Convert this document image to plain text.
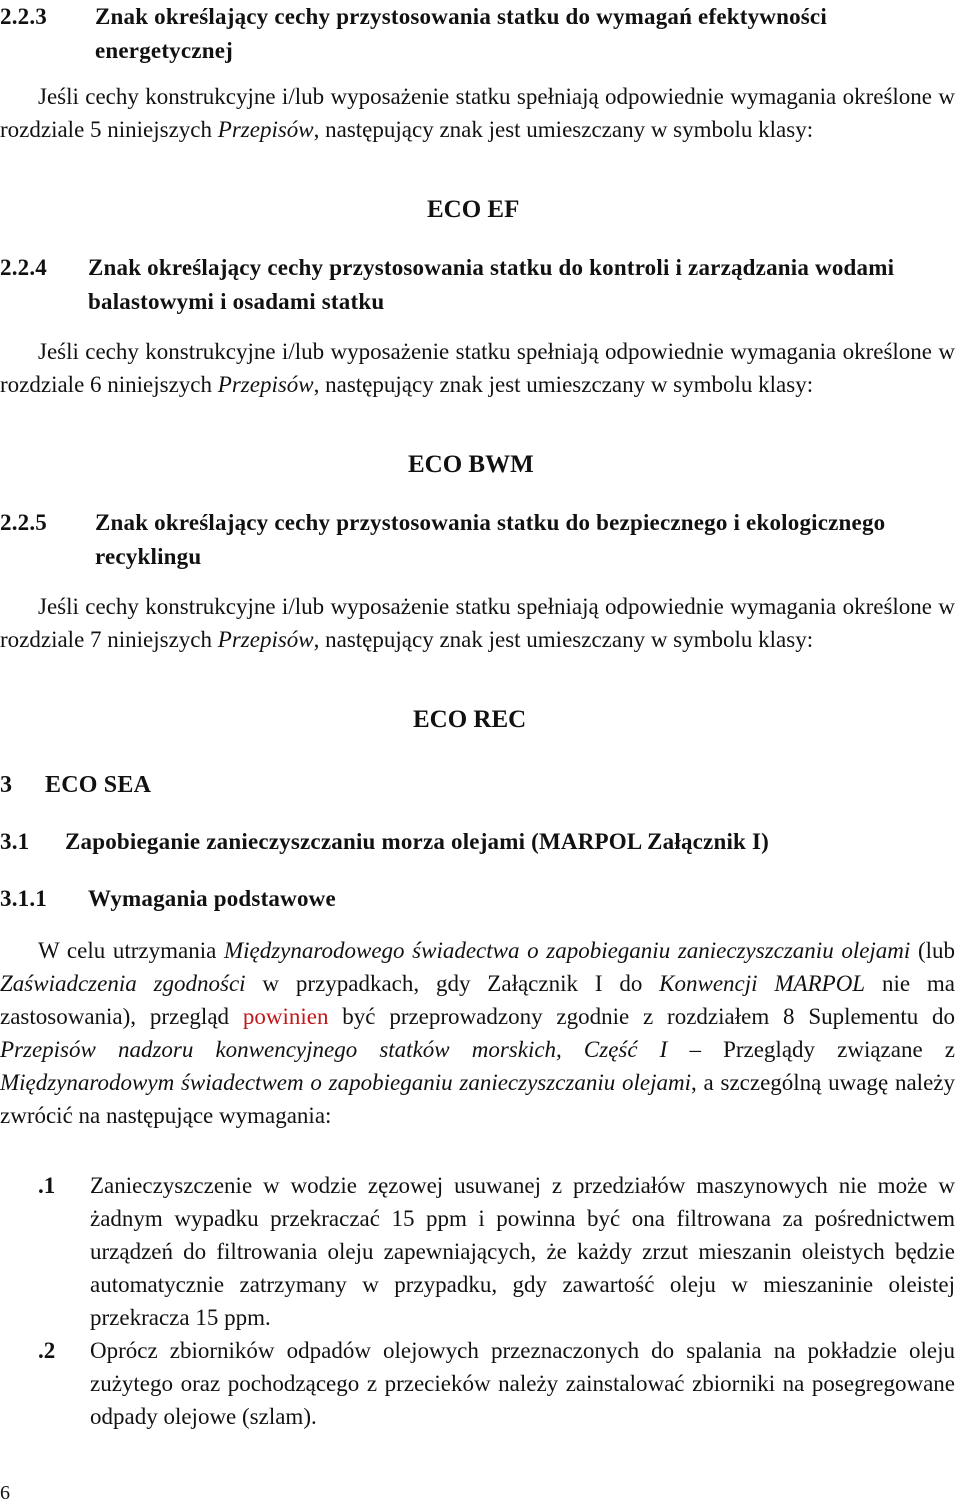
2.2.3 Znak określający cechy przystosowania statku do wymagań efektywności energetycznej
Jeśli cechy konstrukcyjne i/lub wyposażenie statku spełniają odpowiednie wymagania określone w rozdziale 5 niniejszych Przepisów, następujący znak jest umieszczany w symbolu klasy:
ECO EF
2.2.4 Znak określający cechy przystosowania statku do kontroli i zarządzania wodami balastowymi i osadami statku
Jeśli cechy konstrukcyjne i/lub wyposażenie statku spełniają odpowiednie wymagania określone w rozdziale 6 niniejszych Przepisów, następujący znak jest umieszczany w symbolu klasy:
ECO BWM
2.2.5 Znak określający cechy przystosowania statku do bezpiecznego i ekologicznego recyklingu
Jeśli cechy konstrukcyjne i/lub wyposażenie statku spełniają odpowiednie wymagania określone w rozdziale 7 niniejszych Przepisów, następujący znak jest umieszczany w symbolu klasy:
ECO REC
3 ECO SEA
3.1 Zapobieganie zanieczyszczaniu morza olejami (MARPOL Załącznik I)
3.1.1 Wymagania podstawowe
W celu utrzymania Międzynarodowego świadectwa o zapobieganiu zanieczyszczaniu olejami (lub Zaświadczenia zgodności w przypadkach, gdy Załącznik I do Konwencji MARPOL nie ma zastosowania), przegląd powinien być przeprowadzony zgodnie z rozdziałem 8 Suplementu do Przepisów nadzoru konwencyjnego statków morskich, Część I – Przeglądy związane z Międzynarodowym świadectwem o zapobieganiu zanieczyszczaniu olejami, a szczególną uwagę należy zwrócić na następujące wymagania:
.1 Zanieczyszczenie w wodzie zęzowej usuwanej z przedziałów maszynowych nie może w żadnym wypadku przekraczać 15 ppm i powinna być ona filtrowana za pośrednictwem urządzeń do filtrowania oleju zapewniających, że każdy zrzut mieszanin oleistych będzie automatycznie zatrzymany w przypadku, gdy zawartość oleju w mieszaninie oleistej przekracza 15 ppm.
.2 Oprócz zbiorników odpadów olejowych przeznaczonych do spalania na pokładzie oleju zużytego oraz pochodzącego z przecieków należy zainstalować zbiorniki na posegregowane odpady olejowe (szlam).
6
